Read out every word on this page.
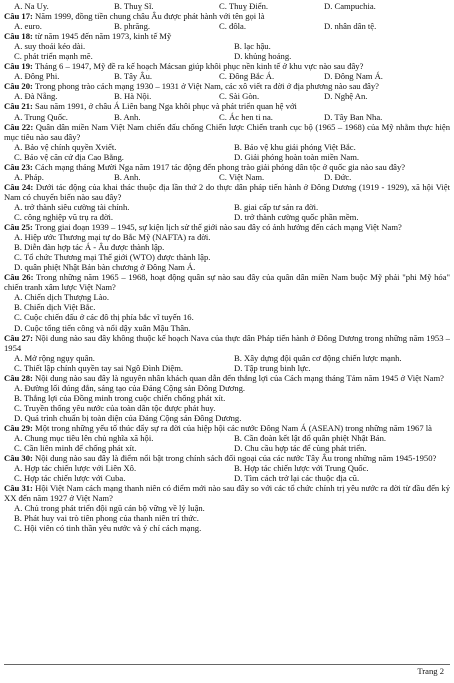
A. Na Uy.	B. Thuỵ Sĩ.	C. Thuỵ Điển.	D. Campuchia.
Câu 17: Năm 1999, đồng tiền chung châu Âu được phát hành với tên gọi là
A. euro.	B. phrăng.	C. đôla.	D. nhân dân tệ.
Câu 18: từ năm 1945 đến năm 1973, kinh tế Mỹ
A. suy thoái kéo dài.	B. lạc hậu.
C. phát triển mạnh mẽ.	D. khủng hoảng.
Câu 19: Tháng 6 – 1947, Mỹ đề ra kế hoạch Mácsan giúp khôi phục nền kinh tế ở khu vực nào sau đây?
A. Đông Phi.	B. Tây Âu.	C. Đông Bắc Á.	D. Đông Nam Á.
Câu 20: Trong phong trào cách mạng 1930 – 1931 ở Việt Nam, các xô viết ra đời ở địa phương nào sau đây?
A. Đà Nẵng.	B. Hà Nội.	C. Sài Gòn.	D. Nghệ An.
Câu 21: Sau năm 1991, ở châu Á Liên bang Nga khôi phục và phát triển quan hệ với
A. Trung Quốc.	B. Anh.	C. Ác hen ti na.	D. Tây Ban Nha.
Câu 22: Quân dân miền Nam Việt Nam chiến đấu chống Chiến lược Chiến tranh cục bộ (1965 – 1968) của Mỹ nhằm thực hiện mục tiêu nào sau đây?
A. Bảo vệ chính quyền Xviết.	B. Bảo vệ khu giải phóng Việt Bắc.
C. Bảo vệ căn cứ địa Cao Bằng.	D. Giải phóng hoàn toàn miền Nam.
Câu 23: Cách mạng tháng Mười Nga năm 1917 tác động đến phong trào giải phóng dân tộc ở quốc gia nào sau đây?
A. Pháp.	B. Anh.	C. Việt Nam.	D. Đức.
Câu 24: Dưới tác động của khai thác thuộc địa lần thứ 2 do thực dân pháp tiến hành ở Đông Dương (1919 - 1929), xã hội Việt Nam có chuyển biến nào sau đây?
A. trở thành siêu cường tài chính.	B. giai cấp tư sản ra đời.
C. công nghiệp vũ trụ ra đời.	D. trở thành cường quốc phần mềm.
Câu 25: Trong giai đoạn 1939 – 1945, sự kiện lịch sử thế giới nào sau đây có ảnh hưởng đến cách mạng Việt Nam?
A. Hiệp ước Thương mại tự do Bắc Mỹ (NAFTA) ra đời.
B. Diễn đàn hợp tác Á - Âu được thành lập.
C. Tổ chức Thương mại Thế giới (WTO) được thành lập.
D. quân phiệt Nhật Bản bàn chương ở Đông Nam Á.
Câu 26: Trong những năm 1965 – 1968, hoạt động quân sự nào sau đây của quân dân miền Nam buộc Mỹ phải "phi Mỹ hóa" chiến tranh xâm lược Việt Nam?
A. Chiến dịch Thượng Lào.
B. Chiến dịch Việt Bắc.
C. Cuộc chiến đấu ở các đô thị phía bắc vĩ tuyến 16.
D. Cuộc tổng tiến công và nổi dậy xuân Mậu Thân.
Câu 27: Nội dung nào sau đây không thuộc kế hoạch Nava của thực dân Pháp tiến hành ở Đông Dương trong những năm 1953 – 1954
A. Mở rộng ngụy quân.	B. Xây dựng đội quân cơ động chiến lược mạnh.
C. Thiết lập chính quyền tay sai Ngô Đình Diệm.	D. Tập trung binh lực.
Câu 28: Nội dung nào sau đây là nguyên nhân khách quan dẫn đến thắng lợi của Cách mạng tháng Tám năm 1945 ở Việt Nam?
A. Đường lối đúng đắn, sáng tạo của Đảng Cộng sản Đông Dương.
B. Thắng lợi của Đồng minh trong cuộc chiến chống phát xít.
C. Truyền thống yêu nước của toàn dân tộc được phát huy.
D. Quá trình chuẩn bị toàn diện của Đảng Cộng sản Đông Dương.
Câu 29: Một trong những yếu tố thúc đẩy sự ra đời của hiệp hội các nước Đông Nam Á (ASEAN) trong những năm 1967 là
A. Chung mục tiêu lên chủ nghĩa xã hội.	B. Cần đoàn kết lật đổ quân phiệt Nhật Bản.
C. Cần liên minh để chống phát xít.	D. Chu cầu hợp tác để cùng phát triển.
Câu 30: Nội dung nào sau đây là điểm nổi bật trong chính sách đối ngoại của các nước Tây Âu trong những năm 1945-1950?
A. Hợp tác chiến lược với Liên Xô.	B. Hợp tác chiến lược với Trung Quốc.
C. Hợp tác chiến lược với Cuba.	D. Tìm cách trở lại các thuộc địa cũ.
Câu 31: Hội Việt Nam cách mạng thanh niên có điểm mới nào sau đây so với các tổ chức chính trị yêu nước ra đời từ đầu đến kỷ XX đến năm 1927 ở Việt Nam?
A. Chủ trong phát triển đội ngũ cán bộ vững về lý luận.
B. Phát huy vai trò tiên phong của thanh niên trí thức.
C. Hội viên có tinh thần yêu nước và ý chí cách mạng.
Trang 2
